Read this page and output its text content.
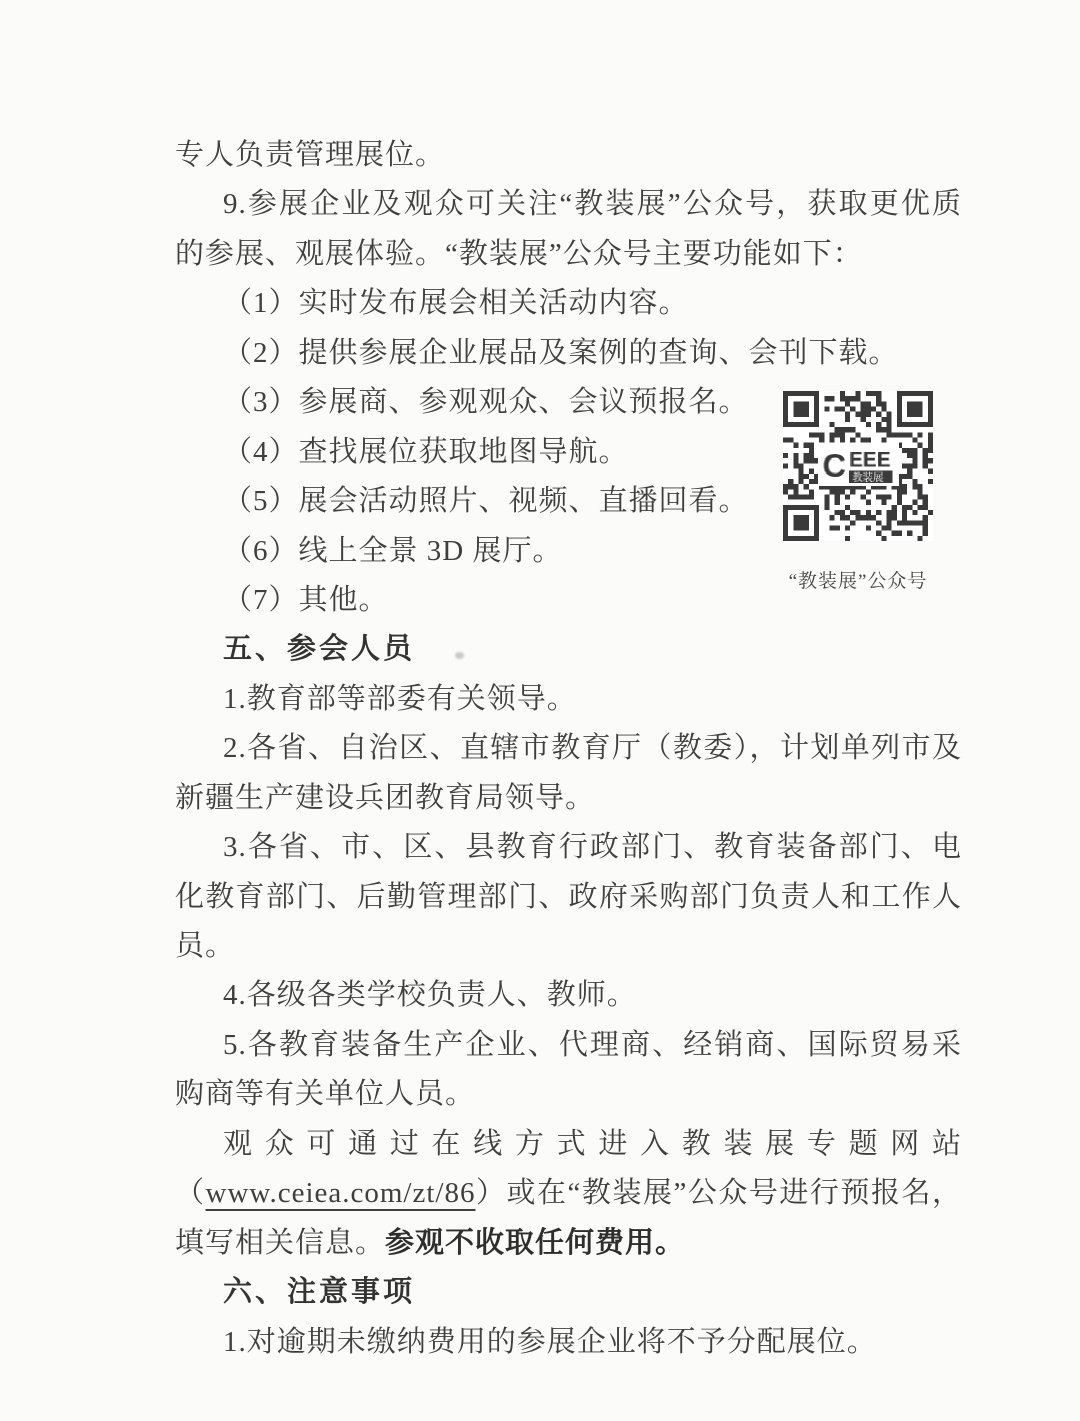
专人负责管理展位。
9.参展企业及观众可关注“教装展”公众号，获取更优质
的参展、观展体验。“教装展”公众号主要功能如下：
（1）实时发布展会相关活动内容。
（2）提供参展企业展品及案例的查询、会刊下载。
（3）参展商、参观观众、会议预报名。
（4）查找展位获取地图导航。
（5）展会活动照片、视频、直播回看。
（6）线上全景 3D 展厅。
（7）其他。
五、参会人员
1.教育部等部委有关领导。
2.各省、自治区、直辖市教育厅（教委），计划单列市及
新疆生产建设兵团教育局领导。
3.各省、市、区、县教育行政部门、教育装备部门、电
化教育部门、后勤管理部门、政府采购部门负责人和工作人
员。
4.各级各类学校负责人、教师。
5.各教育装备生产企业、代理商、经销商、国际贸易采
购商等有关单位人员。
观众可通过在线方式进入教装展专题网站
（www.ceiea.com/zt/86）或在“教装展”公众号进行预报名，
填写相关信息。参观不收取任何费用。
六、注意事项
1.对逾期未缴纳费用的参展企业将不予分配展位。
“教装展”公众号
